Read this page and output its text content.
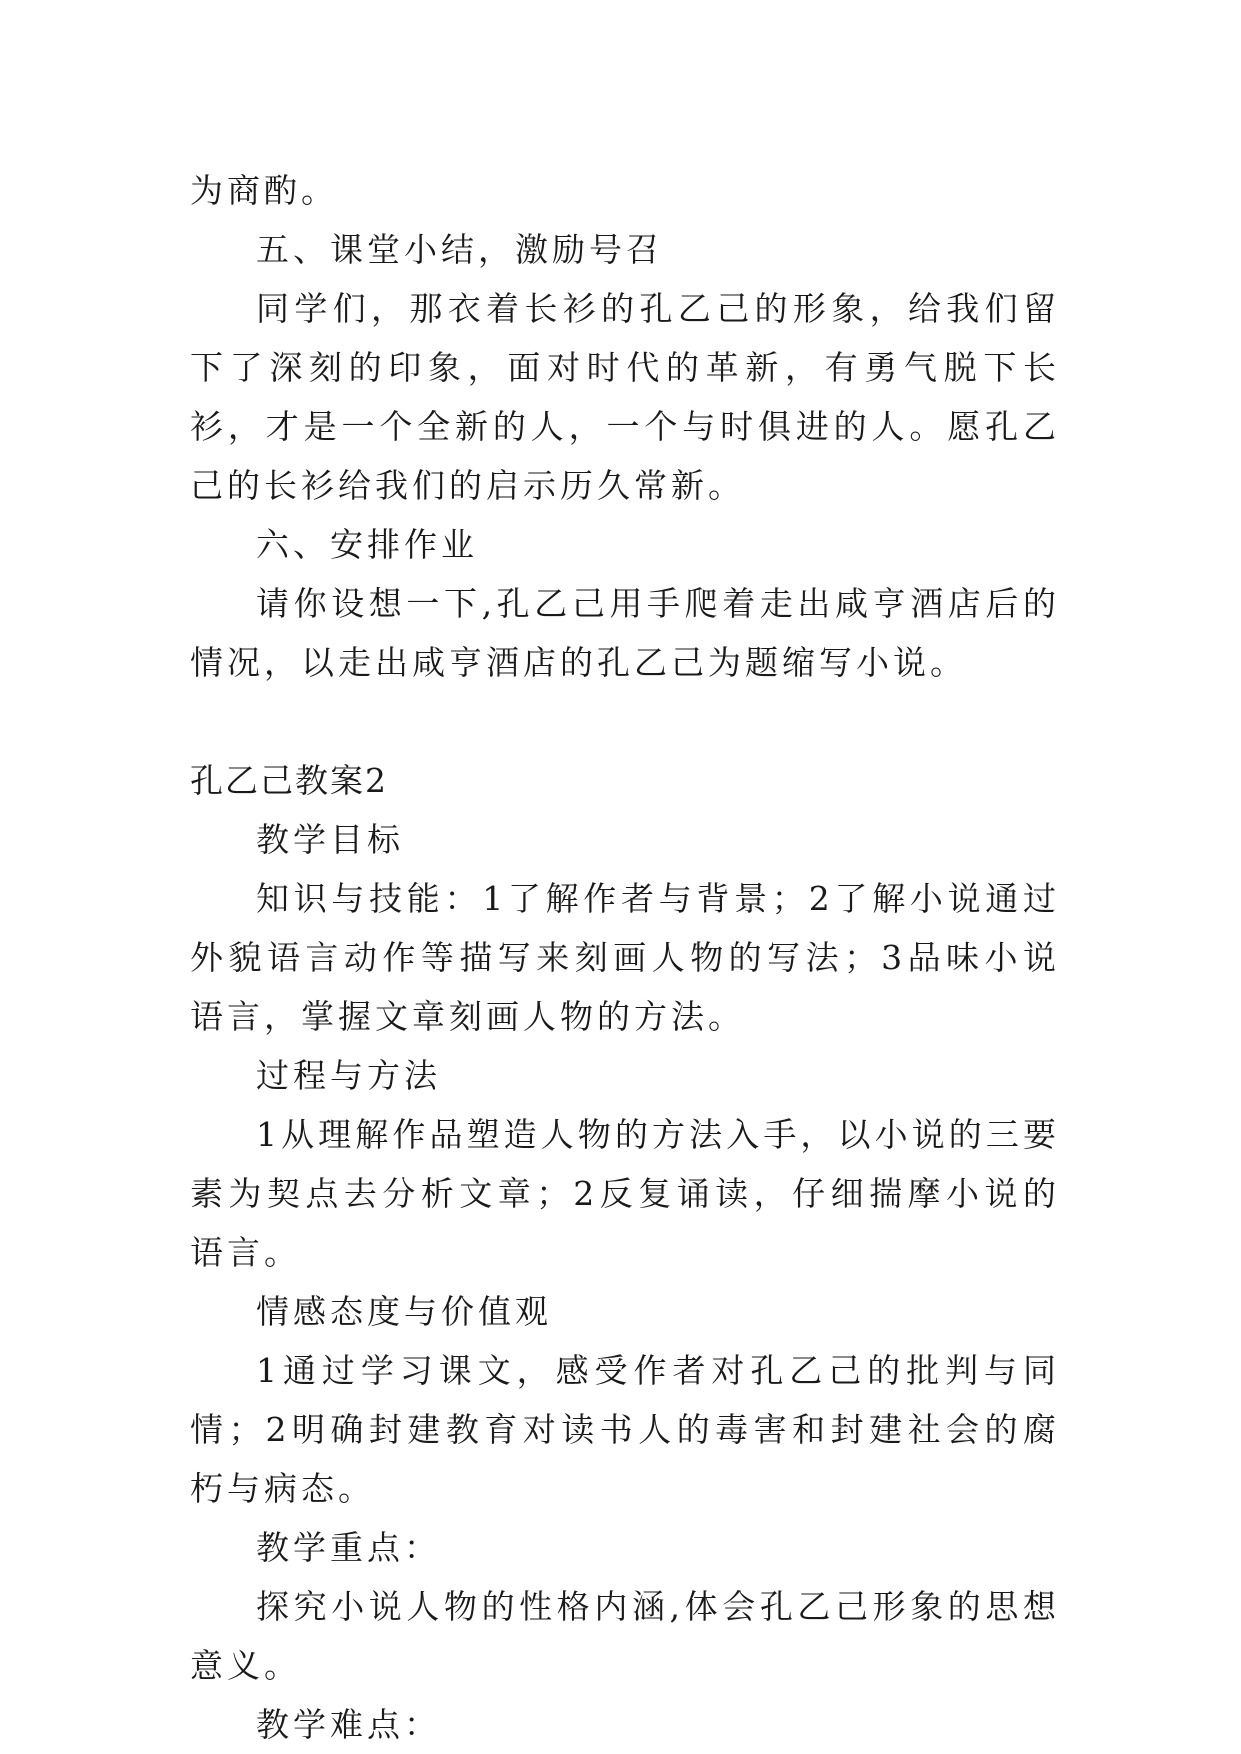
为商酌。

五、课堂小结，激励号召

同学们，那衣着长衫的孔乙己的形象，给我们留下了深刻的印象，面对时代的革新，有勇气脱下长衫，才是一个全新的人，一个与时俱进的人。愿孔乙己的长衫给我们的启示历久常新。

六、安排作业

请你设想一下,孔乙己用手爬着走出咸亨酒店后的情况，以走出咸亨酒店的孔乙己为题缩写小说。

孔乙己教案2

教学目标

知识与技能：1了解作者与背景；2了解小说通过外貌语言动作等描写来刻画人物的写法；3品味小说语言，掌握文章刻画人物的方法。

过程与方法

1从理解作品塑造人物的方法入手，以小说的三要素为契点去分析文章；2反复诵读，仔细揣摩小说的语言。

情感态度与价值观

1通过学习课文，感受作者对孔乙己的批判与同情；2明确封建教育对读书人的毒害和封建社会的腐朽与病态。

教学重点：

探究小说人物的性格内涵,体会孔乙己形象的思想意义。

教学难点：
